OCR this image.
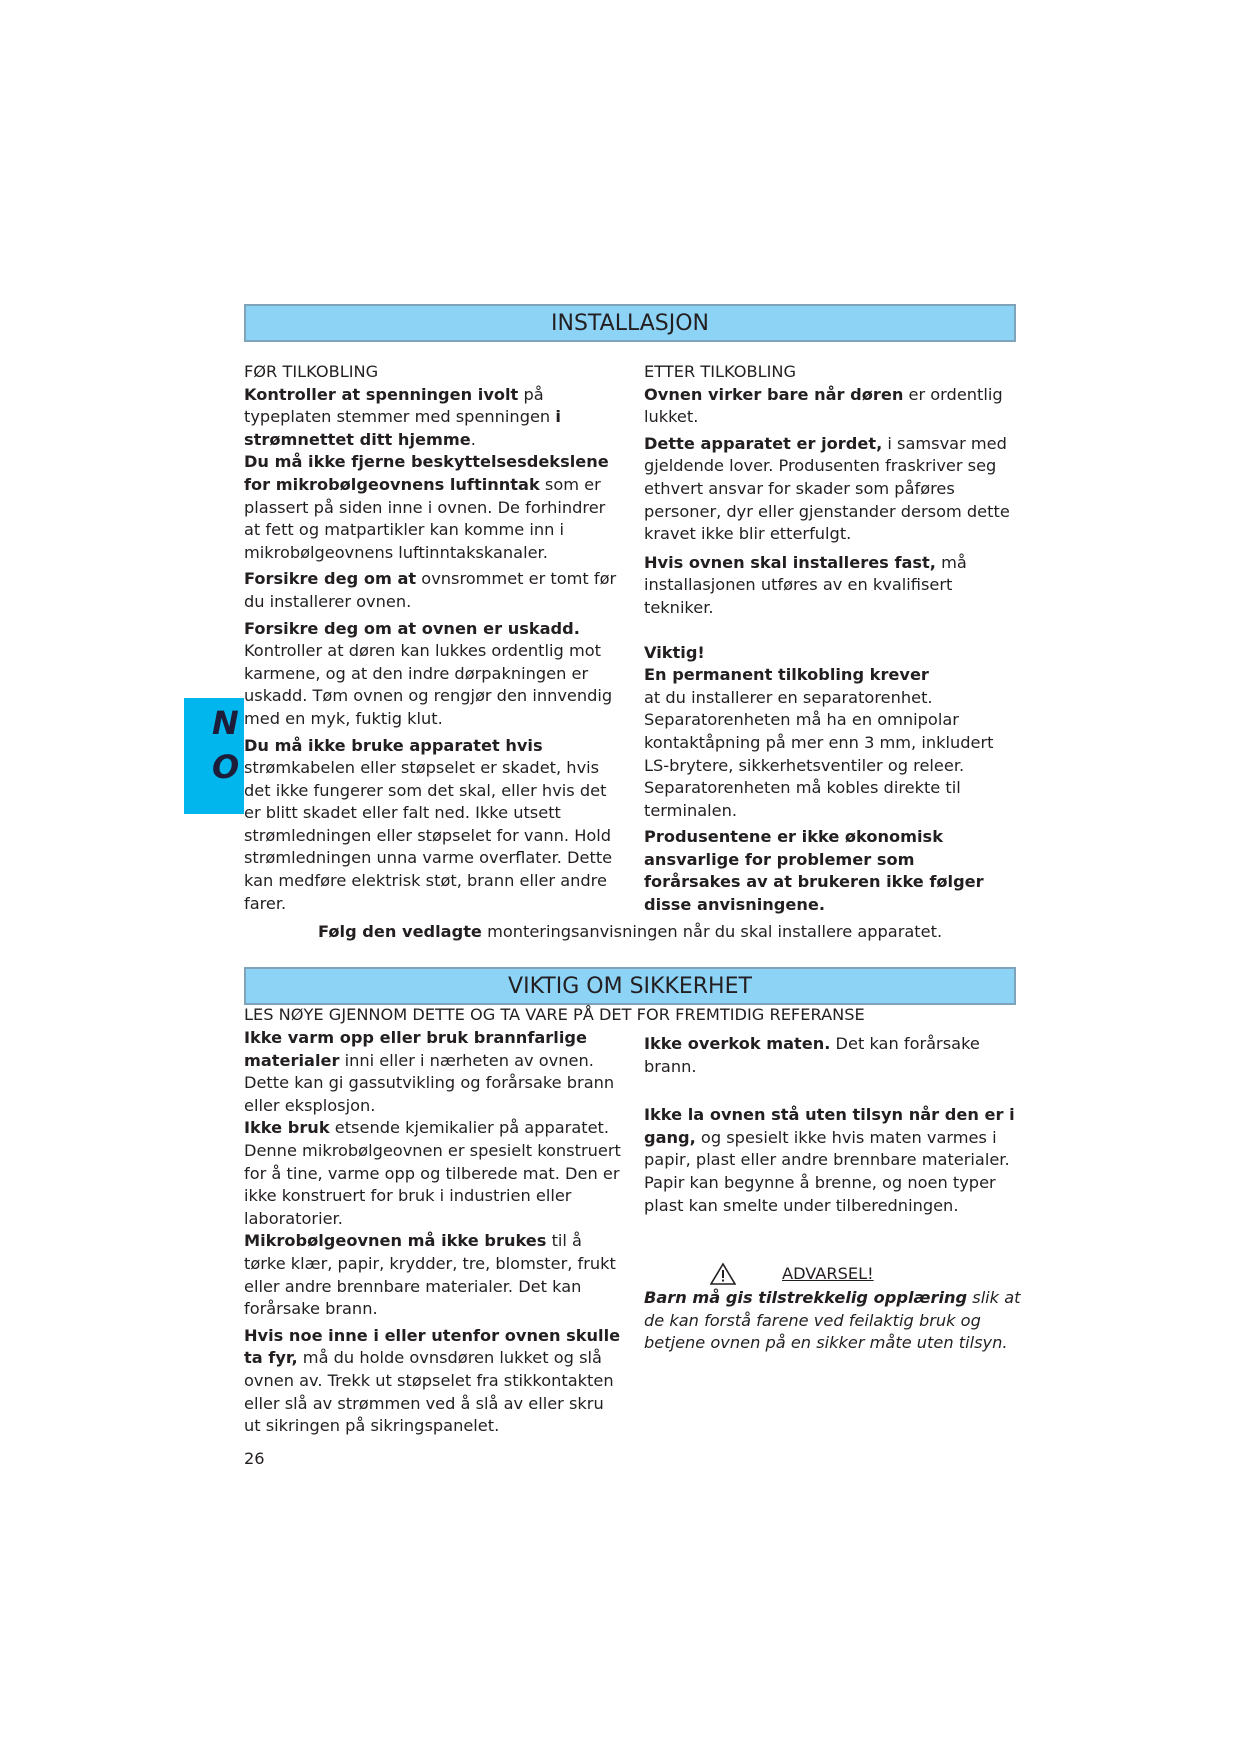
INSTALLASJON
N
O

FØR TILKOBLING

Kontroller at spenningen ivolt på typeplaten stemmer med spenningen i strømnettet ditt hjemme.

Du må ikke fjerne beskyttelsesdekslene for mikrobølgeovnens luftinntak som er plassert på siden inne i ovnen. De forhindrer at fett og matpartikler kan komme inn i mikrobølgeovnens luftinntakskanaler.

Forsikre deg om at ovnsrommet er tomt før du installerer ovnen.

Forsikre deg om at ovnen er uskadd.
Kontroller at døren kan lukkes ordentlig mot karmene, og at den indre dørpakningen er uskadd. Tøm ovnen og rengjør den innvendig med en myk, fuktig klut.

Du må ikke bruke apparatet hvis
strømkabelen eller støpselet er skadet, hvis det ikke fungerer som det skal, eller hvis det er blitt skadet eller falt ned. Ikke utsett strømledningen eller støpselet for vann. Hold strømledningen unna varme overflater. Dette kan medføre elektrisk støt, brann eller andre farer.

ETTER TILKOBLING

Ovnen virker bare når døren er ordentlig lukket.

Dette apparatet er jordet, i samsvar med gjeldende lover. Produsenten fraskriver seg ethvert ansvar for skader som påføres personer, dyr eller gjenstander dersom dette kravet ikke blir etterfulgt.

Hvis ovnen skal installeres fast, må installasjonen utføres av en kvalifisert tekniker.

Viktig!
En permanent tilkobling krever
at du installerer en separatorenhet. Separatorenheten må ha en omnipolar kontaktåpning på mer enn 3 mm, inkludert LS-brytere, sikkerhetsventiler og releer. Separatorenheten må kobles direkte til terminalen.

Produsentene er ikke økonomisk ansvarlige for problemer som forårsakes av at brukeren ikke følger disse anvisningene.

Følg den vedlagte monteringsanvisningen når du skal installere apparatet.

VIKTIG OM SIKKERHET

LES NØYE GJENNOM DETTE OG TA VARE PÅ DET FOR FREMTIDIG REFERANSE

Ikke varm opp eller bruk brannfarlige materialer inni eller i nærheten av ovnen. Dette kan gi gassutvikling og forårsake brann eller eksplosjon.

Ikke bruk etsende kjemikalier på apparatet. Denne mikrobølgeovnen er spesielt konstruert for å tine, varme opp og tilberede mat. Den er ikke konstruert for bruk i industrien eller laboratorier.

Mikrobølgeovnen må ikke brukes til å tørke klær, papir, krydder, tre, blomster, frukt eller andre brennbare materialer. Det kan forårsake brann.

Hvis noe inne i eller utenfor ovnen skulle ta fyr, må du holde ovnsdøren lukket og slå ovnen av. Trekk ut støpselet fra stikkontakten eller slå av strømmen ved å slå av eller skru ut sikringen på sikringspanelet.

Ikke overkok maten. Det kan forårsake brann.

Ikke la ovnen stå uten tilsyn når den er i gang, og spesielt ikke hvis maten varmes i papir, plast eller andre brennbare materialer. Papir kan begynne å brenne, og noen typer plast kan smelte under tilberedningen.

ADVARSEL!

Barn må gis tilstrekkelig opplæring slik at de kan forstå farene ved feilaktig bruk og betjene ovnen på en sikker måte uten tilsyn.

26
